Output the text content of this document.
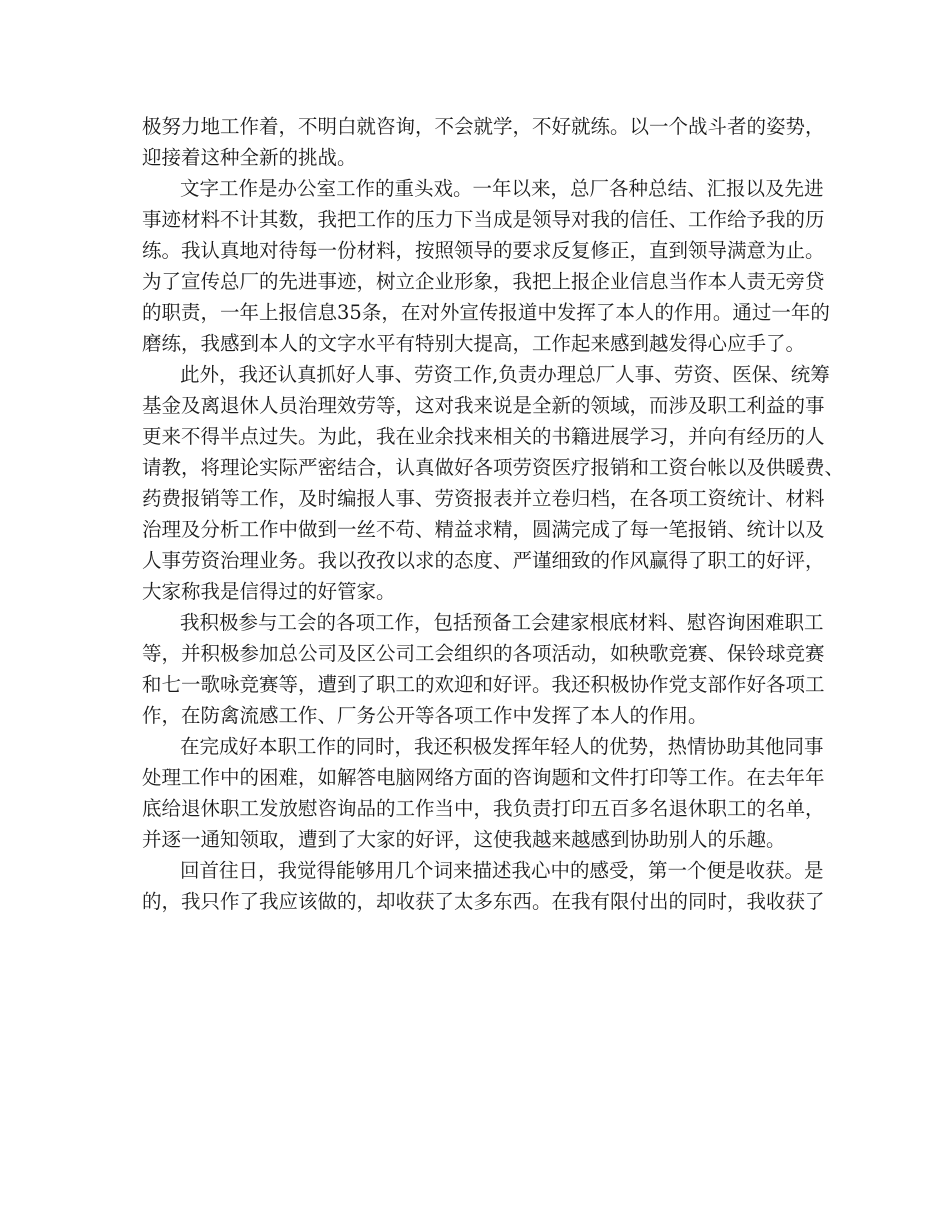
极努力地工作着，不明白就咨询，不会就学，不好就练。以一个战斗者的姿势，
迎接着这种全新的挑战。
文字工作是办公室工作的重头戏。一年以来，总厂各种总结、汇报以及先进
事迹材料不计其数，我把工作的压力下当成是领导对我的信任、工作给予我的历
练。我认真地对待每一份材料，按照领导的要求反复修正，直到领导满意为止。
为了宣传总厂的先进事迹，树立企业形象，我把上报企业信息当作本人责无旁贷
的职责，一年上报信息35条，在对外宣传报道中发挥了本人的作用。通过一年的
磨练，我感到本人的文字水平有特别大提高，工作起来感到越发得心应手了。
此外，我还认真抓好人事、劳资工作,负责办理总厂人事、劳资、医保、统筹
基金及离退休人员治理效劳等，这对我来说是全新的领域，而涉及职工利益的事
更来不得半点过失。为此，我在业余找来相关的书籍进展学习，并向有经历的人
请教，将理论实际严密结合，认真做好各项劳资医疗报销和工资台帐以及供暖费、
药费报销等工作，及时编报人事、劳资报表并立卷归档，在各项工资统计、材料
治理及分析工作中做到一丝不苟、精益求精，圆满完成了每一笔报销、统计以及
人事劳资治理业务。我以孜孜以求的态度、严谨细致的作风赢得了职工的好评，
大家称我是信得过的好管家。
我积极参与工会的各项工作，包括预备工会建家根底材料、慰咨询困难职工
等，并积极参加总公司及区公司工会组织的各项活动，如秧歌竞赛、保铃球竞赛
和七一歌咏竞赛等，遭到了职工的欢迎和好评。我还积极协作党支部作好各项工
作，在防禽流感工作、厂务公开等各项工作中发挥了本人的作用。
在完成好本职工作的同时，我还积极发挥年轻人的优势，热情协助其他同事
处理工作中的困难，如解答电脑网络方面的咨询题和文件打印等工作。在去年年
底给退休职工发放慰咨询品的工作当中，我负责打印五百多名退休职工的名单，
并逐一通知领取，遭到了大家的好评，这使我越来越感到协助别人的乐趣。
回首往日，我觉得能够用几个词来描述我心中的感受，第一个便是收获。是
的，我只作了我应该做的，却收获了太多东西。在我有限付出的同时，我收获了
